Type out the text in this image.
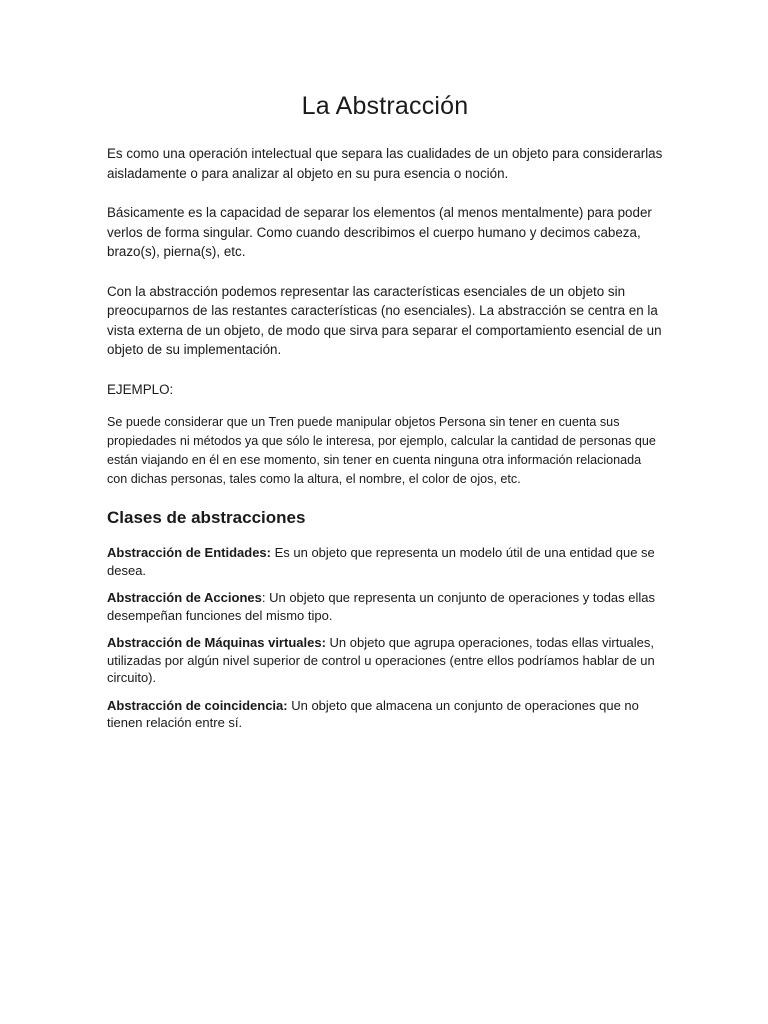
La Abstracción

Es como una operación intelectual que separa las cualidades de un objeto para considerarlas aisladamente o para analizar al objeto en su pura esencia o noción.

Básicamente es la capacidad de separar los elementos (al menos mentalmente) para poder verlos de forma singular. Como cuando describimos el cuerpo humano y decimos cabeza, brazo(s), pierna(s), etc.

Con la abstracción podemos representar las características esenciales de un objeto sin preocuparnos de las restantes características (no esenciales). La abstracción se centra en la vista externa de un objeto, de modo que sirva para separar el comportamiento esencial de un objeto de su implementación.

EJEMPLO:

Se puede considerar que un Tren puede manipular objetos Persona sin tener en cuenta sus propiedades ni métodos ya que sólo le interesa, por ejemplo, calcular la cantidad de personas que están viajando en él en ese momento, sin tener en cuenta ninguna otra información relacionada con dichas personas, tales como la altura, el nombre, el color de ojos, etc.

Clases de abstracciones

Abstracción de Entidades: Es un objeto que representa un modelo útil de una entidad que se desea.

Abstracción de Acciones: Un objeto que representa un conjunto de operaciones y todas ellas desempeñan funciones del mismo tipo.

Abstracción de Máquinas virtuales: Un objeto que agrupa operaciones, todas ellas virtuales, utilizadas por algún nivel superior de control u operaciones (entre ellos podríamos hablar de un circuito).

Abstracción de coincidencia: Un objeto que almacena un conjunto de operaciones que no tienen relación entre sí.
